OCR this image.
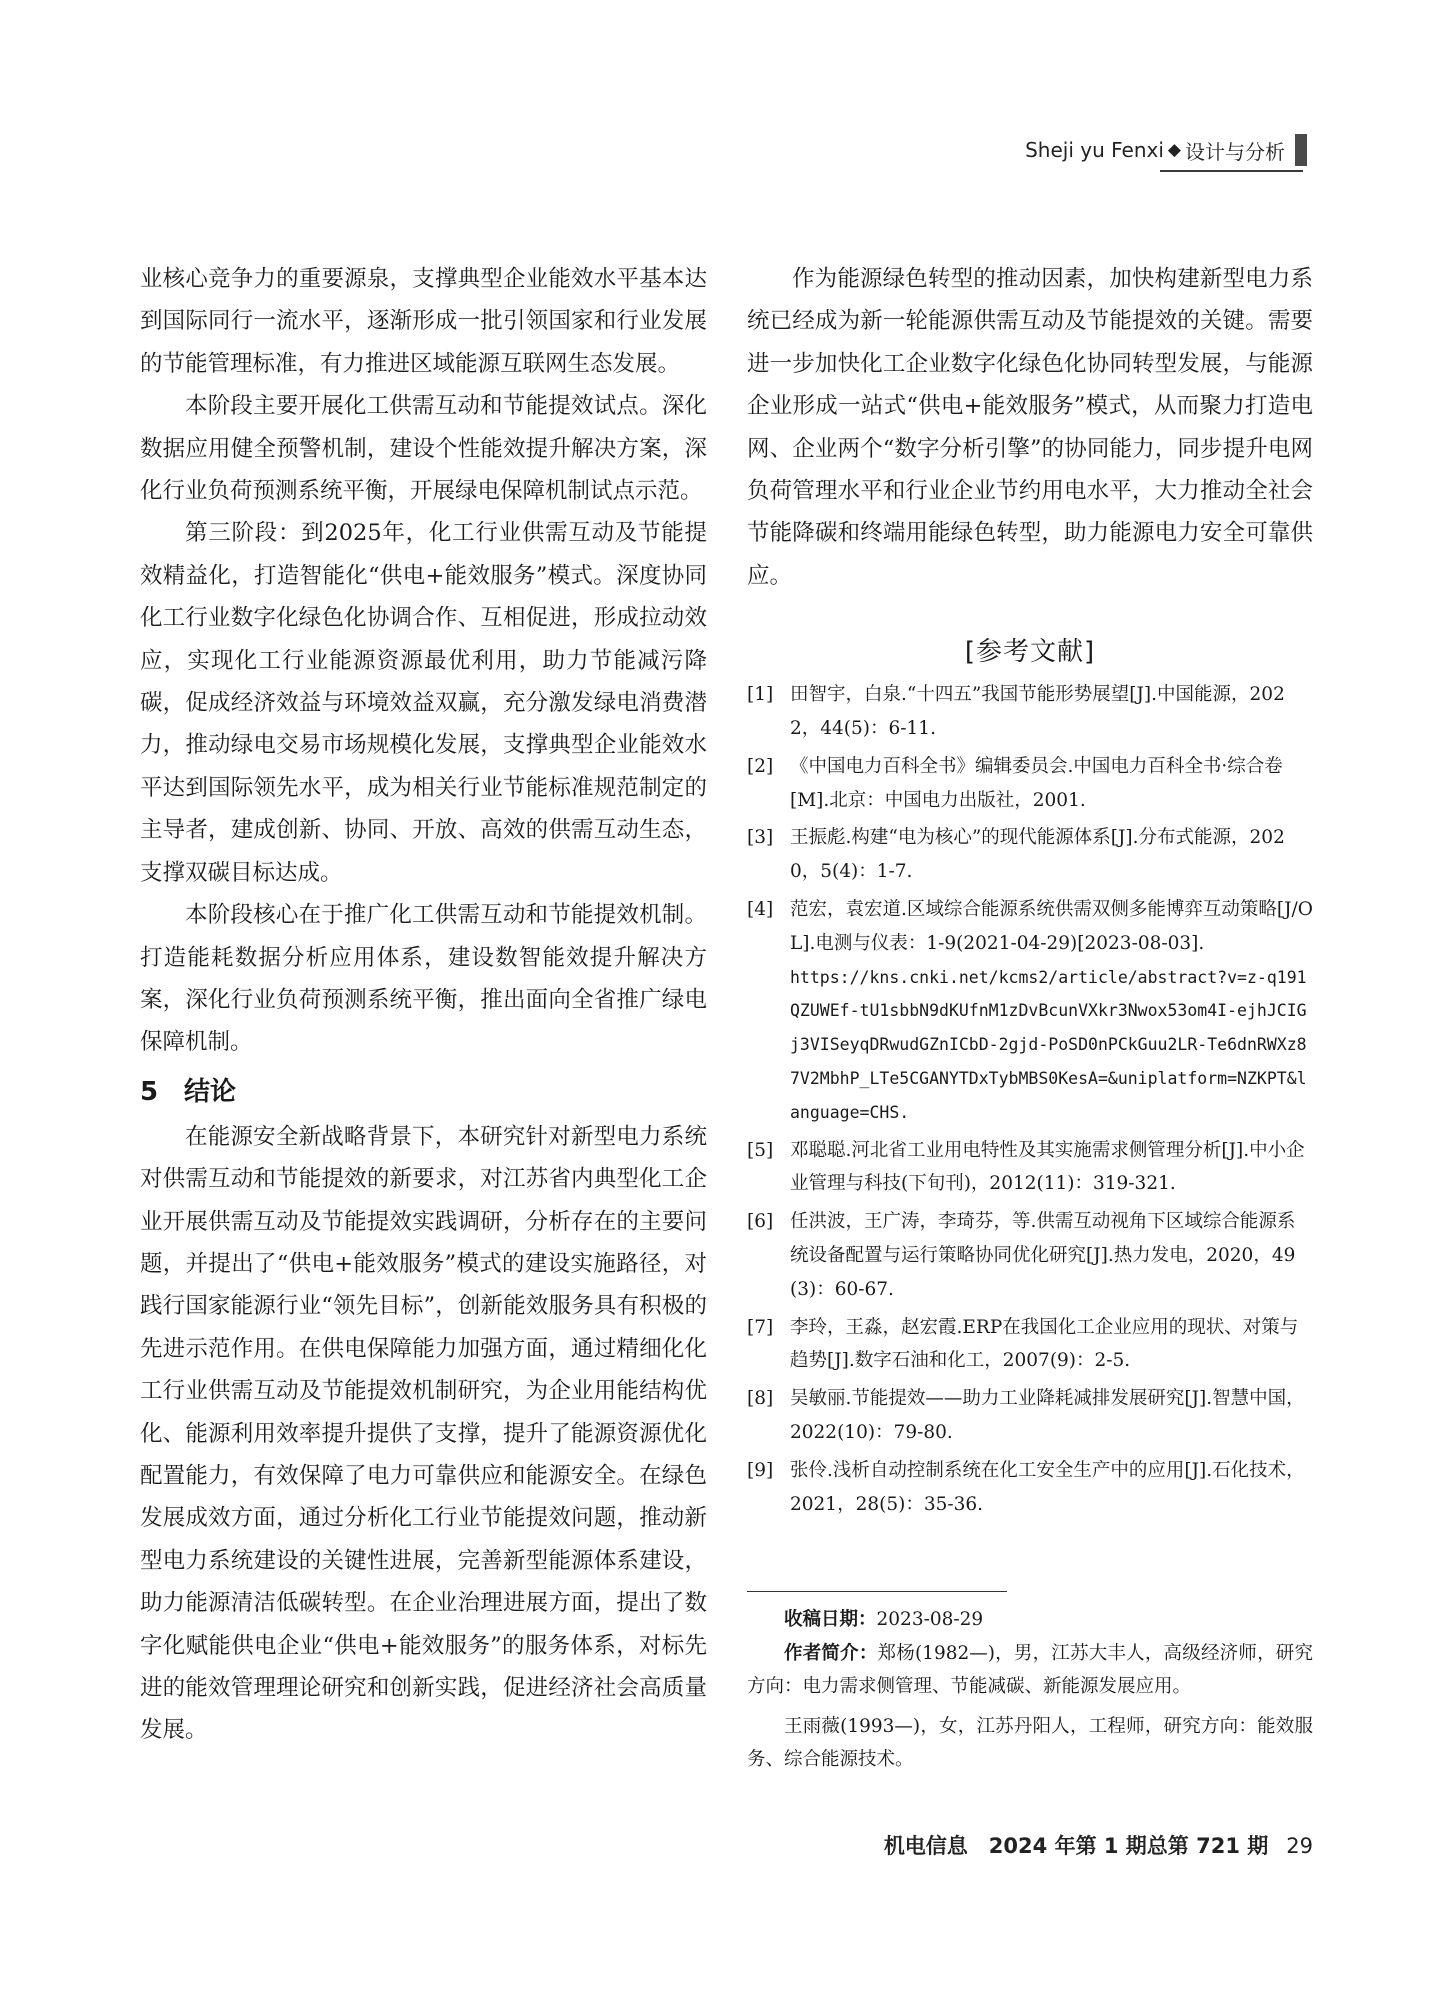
Sheji yu Fenxi ◆ 设计与分析

业核心竞争力的重要源泉，支撑典型企业能效水平基本达到国际同行一流水平，逐渐形成一批引领国家和行业发展的节能管理标准，有力推进区域能源互联网生态发展。

本阶段主要开展化工供需互动和节能提效试点。深化数据应用健全预警机制，建设个性能效提升解决方案，深化行业负荷预测系统平衡，开展绿电保障机制试点示范。

第三阶段：到2025年，化工行业供需互动及节能提效精益化，打造智能化“供电+能效服务”模式。深度协同化工行业数字化绿色化协调合作、互相促进，形成拉动效应，实现化工行业能源资源最优利用，助力节能减污降碳，促成经济效益与环境效益双赢，充分激发绿电消费潜力，推动绿电交易市场规模化发展，支撑典型企业能效水平达到国际领先水平，成为相关行业节能标准规范制定的主导者，建成创新、协同、开放、高效的供需互动生态，支撑双碳目标达成。

本阶段核心在于推广化工供需互动和节能提效机制。打造能耗数据分析应用体系，建设数智能效提升解决方案，深化行业负荷预测系统平衡，推出面向全省推广绿电保障机制。

5 结论

在能源安全新战略背景下，本研究针对新型电力系统对供需互动和节能提效的新要求，对江苏省内典型化工企业开展供需互动及节能提效实践调研，分析存在的主要问题，并提出了“供电+能效服务”模式的建设实施路径，对践行国家能源行业“领先目标”，创新能效服务具有积极的先进示范作用。在供电保障能力加强方面，通过精细化化工行业供需互动及节能提效机制研究，为企业用能结构优化、能源利用效率提升提供了支撑，提升了能源资源优化配置能力，有效保障了电力可靠供应和能源安全。在绿色发展成效方面，通过分析化工行业节能提效问题，推动新型电力系统建设的关键性进展，完善新型能源体系建设，助力能源清洁低碳转型。在企业治理进展方面，提出了数字化赋能供电企业“供电+能效服务”的服务体系，对标先进的能效管理理论研究和创新实践，促进经济社会高质量发展。

作为能源绿色转型的推动因素，加快构建新型电力系统已经成为新一轮能源供需互动及节能提效的关键。需要进一步加快化工企业数字化绿色化协同转型发展，与能源企业形成一站式“供电+能效服务”模式，从而聚力打造电网、企业两个“数字分析引擎”的协同能力，同步提升电网负荷管理水平和行业企业节约用电水平，大力推动全社会节能降碳和终端用能绿色转型，助力能源电力安全可靠供应。

[参考文献]
[1] 田智宇，白泉.“十四五”我国节能形势展望[J].中国能源，2022，44(5)：6-11.
[2] 《中国电力百科全书》编辑委员会.中国电力百科全书·综合卷[M].北京：中国电力出版社，2001.
[3] 王振彪.构建“电为核心”的现代能源体系[J].分布式能源，2020，5(4)：1-7.
[4] 范宏，袁宏道.区域综合能源系统供需双侧多能博弈互动策略[J/OL].电测与仪表：1-9(2021-04-29)[2023-08-03].
https://kns.cnki.net/kcms2/article/abstract?v=z-q191QZUWEf-tU1sbbN9dKUfnM1zDvBcunVXkr3Nwox53om4I-ejhJCIGj3VISeyqDRwudGZnICbD-2gjd-PoSD0nPCkGuu2LR-Te6dnRWXz87V2MbhP_LTe5CGANYTDxTybMBS0KesA=&uniplatform=NZKPT&language=CHS.
[5] 邓聪聪.河北省工业用电特性及其实施需求侧管理分析[J].中小企业管理与科技(下旬刊)，2012(11)：319-321.
[6] 任洪波，王广涛，李琦芬，等.供需互动视角下区域综合能源系统设备配置与运行策略协同优化研究[J].热力发电，2020，49(3)：60-67.
[7] 李玲，王淼，赵宏霞.ERP在我国化工企业应用的现状、对策与趋势[J].数字石油和化工，2007(9)：2-5.
[8] 吴敏丽.节能提效——助力工业降耗减排发展研究[J].智慧中国，2022(10)：79-80.
[9] 张伶.浅析自动控制系统在化工安全生产中的应用[J].石化技术，2021，28(5)：35-36.

收稿日期：2023-08-29

作者简介：郑杨(1982—)，男，江苏大丰人，高级经济师，研究方向：电力需求侧管理、节能减碳、新能源发展应用。

王雨薇(1993—)，女，江苏丹阳人，工程师，研究方向：能效服务、综合能源技术。

机电信息　2024 年第 1 期总第 721 期 29
